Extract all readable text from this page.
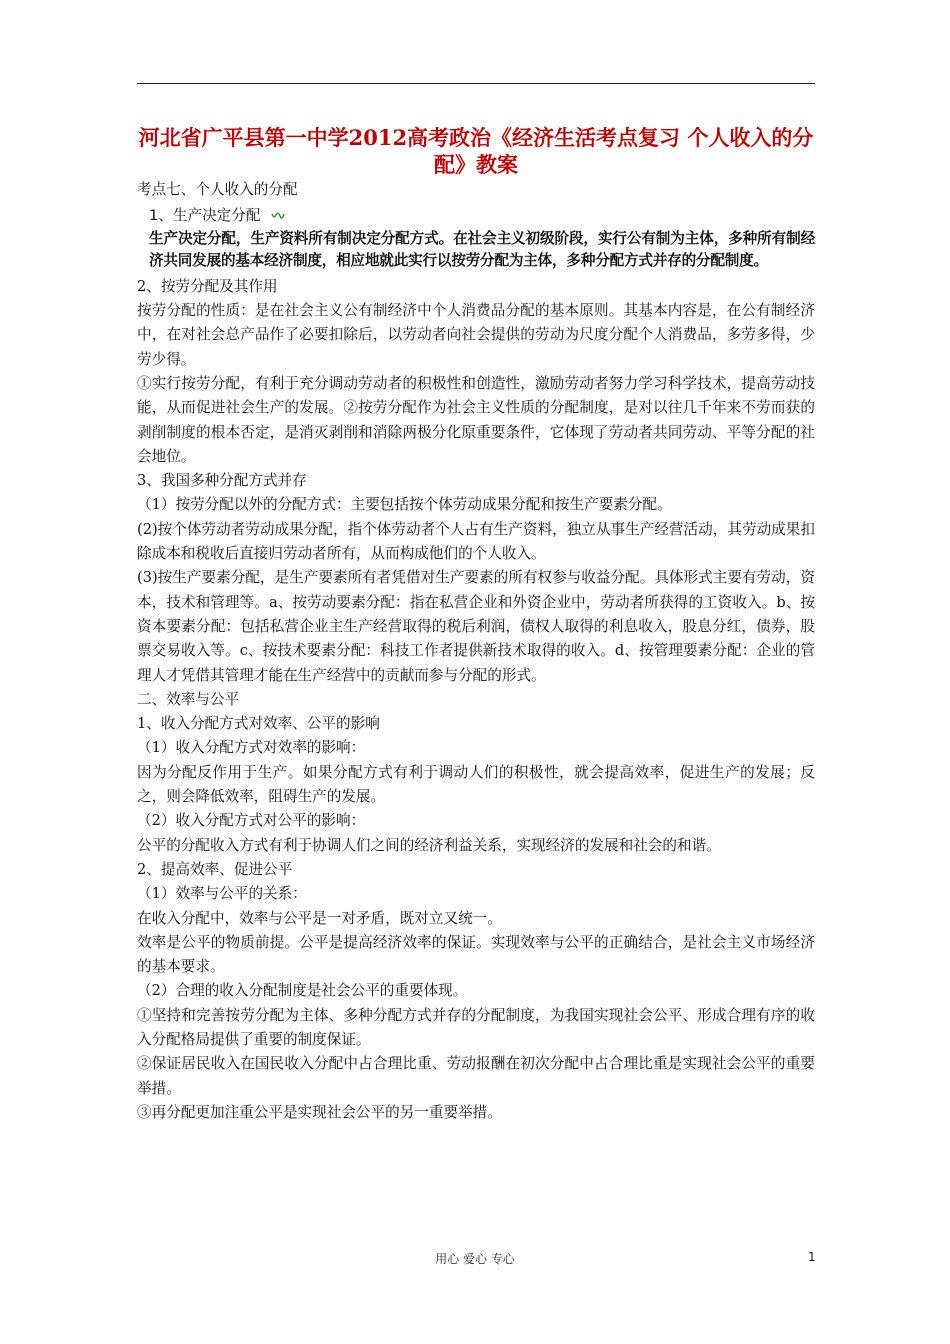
河北省广平县第一中学2012高考政治《经济生活考点复习 个人收入的分配》教案

考点七、个人收入的分配

1、生产决定分配
生产决定分配，生产资料所有制决定分配方式。在社会主义初级阶段，实行公有制为主体，多种所有制经济共同发展的基本经济制度，相应地就此实行以按劳分配为主体，多种分配方式并存的分配制度。

2、按劳分配及其作用

按劳分配的性质：是在社会主义公有制经济中个人消费品分配的基本原则。其基本内容是，在公有制经济中，在对社会总产品作了必要扣除后，以劳动者向社会提供的劳动为尺度分配个人消费品，多劳多得，少劳少得。

①实行按劳分配，有利于充分调动劳动者的积极性和创造性，激励劳动者努力学习科学技术，提高劳动技能，从而促进社会生产的发展。②按劳分配作为社会主义性质的分配制度，是对以往几千年来不劳而获的剥削制度的根本否定，是消灭剥削和消除两极分化原重要条件，它体现了劳动者共同劳动、平等分配的社会地位。

3、我国多种分配方式并存

（1）按劳分配以外的分配方式：主要包括按个体劳动成果分配和按生产要素分配。

(2)按个体劳动者劳动成果分配，指个体劳动者个人占有生产资料，独立从事生产经营活动，其劳动成果扣除成本和税收后直接归劳动者所有，从而构成他们的个人收入。

(3)按生产要素分配，是生产要素所有者凭借对生产要素的所有权参与收益分配。具体形式主要有劳动，资本，技术和管理等。a、按劳动要素分配：指在私营企业和外资企业中，劳动者所获得的工资收入。b、按资本要素分配：包括私营企业主生产经营取得的税后利润，债权人取得的利息收入，股息分红，债券，股票交易收入等。c、按技术要素分配：科技工作者提供新技术取得的收入。d、按管理要素分配：企业的管理人才凭借其管理才能在生产经营中的贡献而参与分配的形式。

二、效率与公平

1、收入分配方式对效率、公平的影响

（1）收入分配方式对效率的影响：

因为分配反作用于生产。如果分配方式有利于调动人们的积极性，就会提高效率，促进生产的发展；反之，则会降低效率，阻碍生产的发展。

（2）收入分配方式对公平的影响：

公平的分配收入方式有利于协调人们之间的经济利益关系，实现经济的发展和社会的和谐。

2、提高效率、促进公平

（1）效率与公平的关系：

在收入分配中，效率与公平是一对矛盾，既对立又统一。

效率是公平的物质前提。公平是提高经济效率的保证。实现效率与公平的正确结合，是社会主义市场经济的基本要求。

（2）合理的收入分配制度是社会公平的重要体现。

①坚持和完善按劳分配为主体、多种分配方式并存的分配制度，为我国实现社会公平、形成合理有序的收入分配格局提供了重要的制度保证。

②保证居民收入在国民收入分配中占合理比重、劳动报酬在初次分配中占合理比重是实现社会公平的重要举措。

③再分配更加注重公平是实现社会公平的另一重要举措。

用心 爱心 专心	1
